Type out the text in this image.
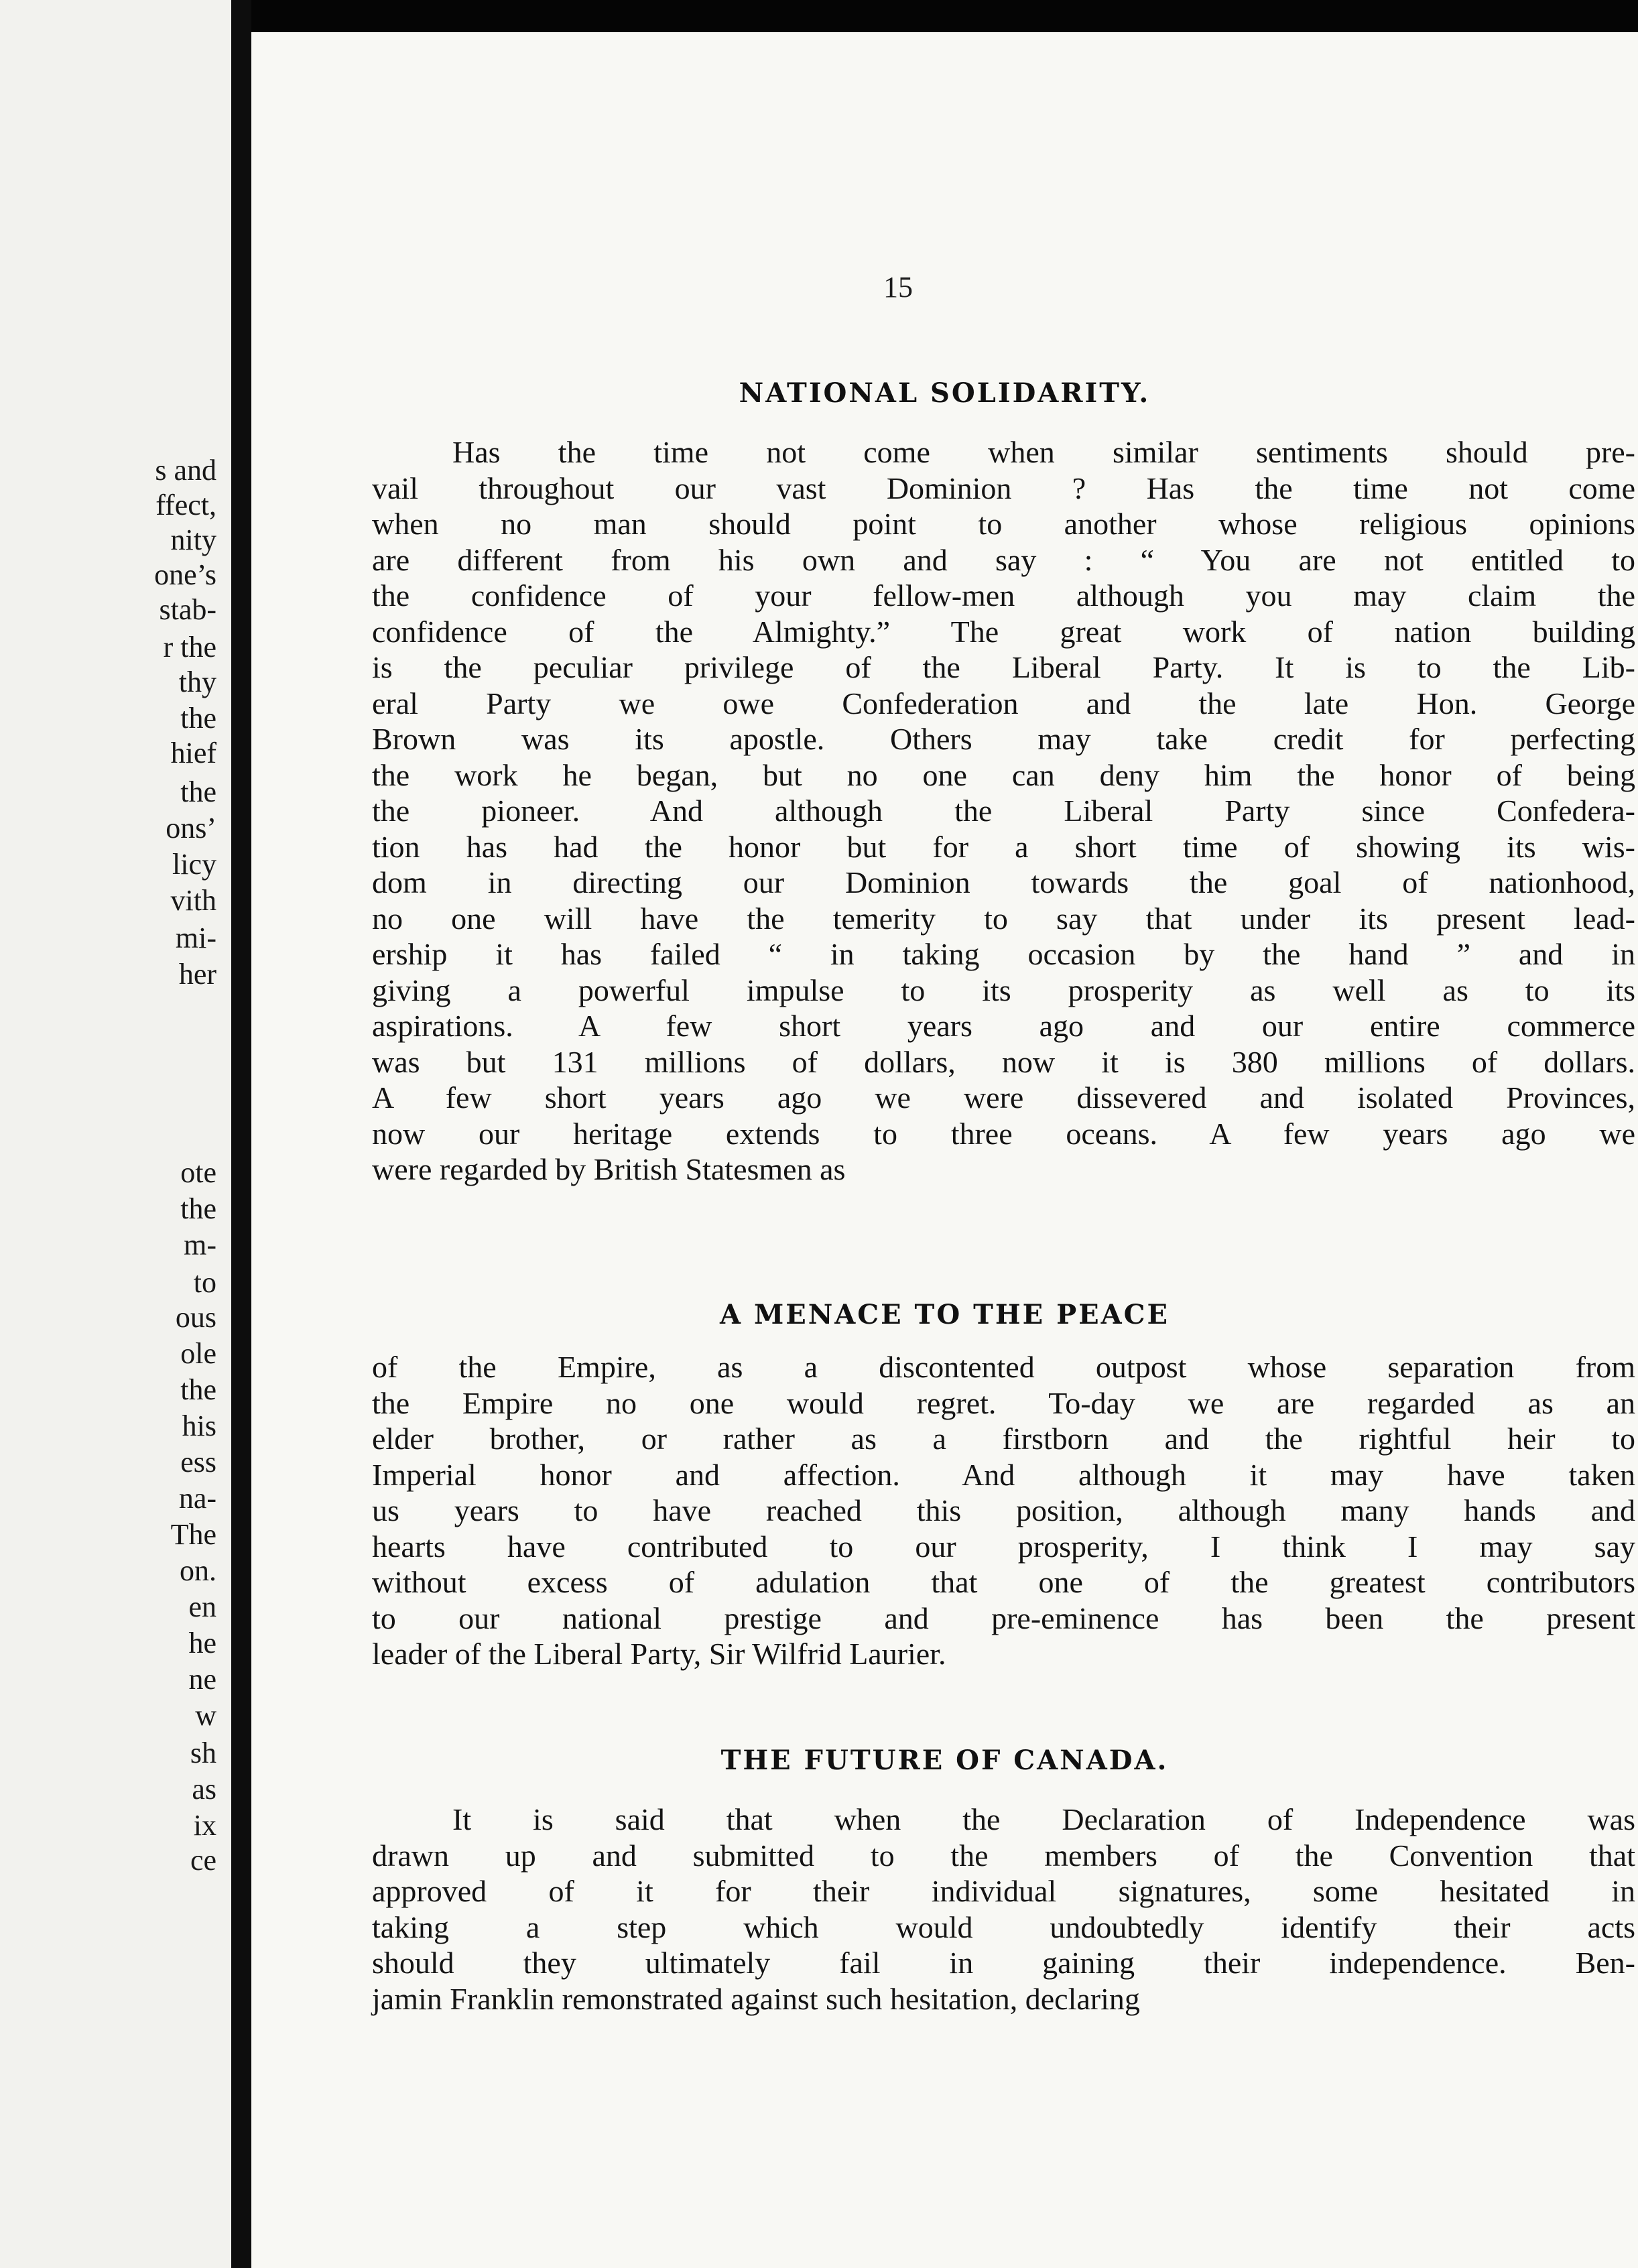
s and
ffect,
nity
one’s
stab-
r the
thy
the
hief
the
ons’
licy
vith
mi-
her
ote
the
m-
to
ous
ole
the
his
ess
na-
The
on.
en
he
ne
w
sh
as
ix
ce
15
NATIONAL SOLIDARITY.
Has the time not come when similar sentiments should pre-
vail throughout our vast Dominion ? Has the time not come
when no man should point to another whose religious opinions
are different from his own and say : “ You are not entitled to
the confidence of your fellow-men although you may claim the
confidence of the Almighty.” The great work of nation building
is the peculiar privilege of the Liberal Party. It is to the Lib-
eral Party we owe Confederation and the late Hon. George
Brown was its apostle. Others may take credit for perfecting
the work he began, but no one can deny him the honor of being
the pioneer. And although the Liberal Party since Confedera-
tion has had the honor but for a short time of showing its wis-
dom in directing our Dominion towards the goal of nationhood,
no one will have the temerity to say that under its present lead-
ership it has failed “ in taking occasion by the hand ” and in
giving a powerful impulse to its prosperity as well as to its
aspirations. A few short years ago and our entire commerce
was but 131 millions of dollars, now it is 380 millions of dollars.
A few short years ago we were dissevered and isolated Provinces,
now our heritage extends to three oceans. A few years ago we
were regarded by British Statesmen as
A MENACE TO THE PEACE
of the Empire, as a discontented outpost whose separation from
the Empire no one would regret. To-day we are regarded as an
elder brother, or rather as a firstborn and the rightful heir to
Imperial honor and affection. And although it may have taken
us years to have reached this position, although many hands and
hearts have contributed to our prosperity, I think I may say
without excess of adulation that one of the greatest contributors
to our national prestige and pre-eminence has been the present
leader of the Liberal Party, Sir Wilfrid Laurier.
THE FUTURE OF CANADA.
It is said that when the Declaration of Independence was
drawn up and submitted to the members of the Convention that
approved of it for their individual signatures, some hesitated in
taking a step which would undoubtedly identify their acts
should they ultimately fail in gaining their independence. Ben-
jamin Franklin remonstrated against such hesitation, declaring
